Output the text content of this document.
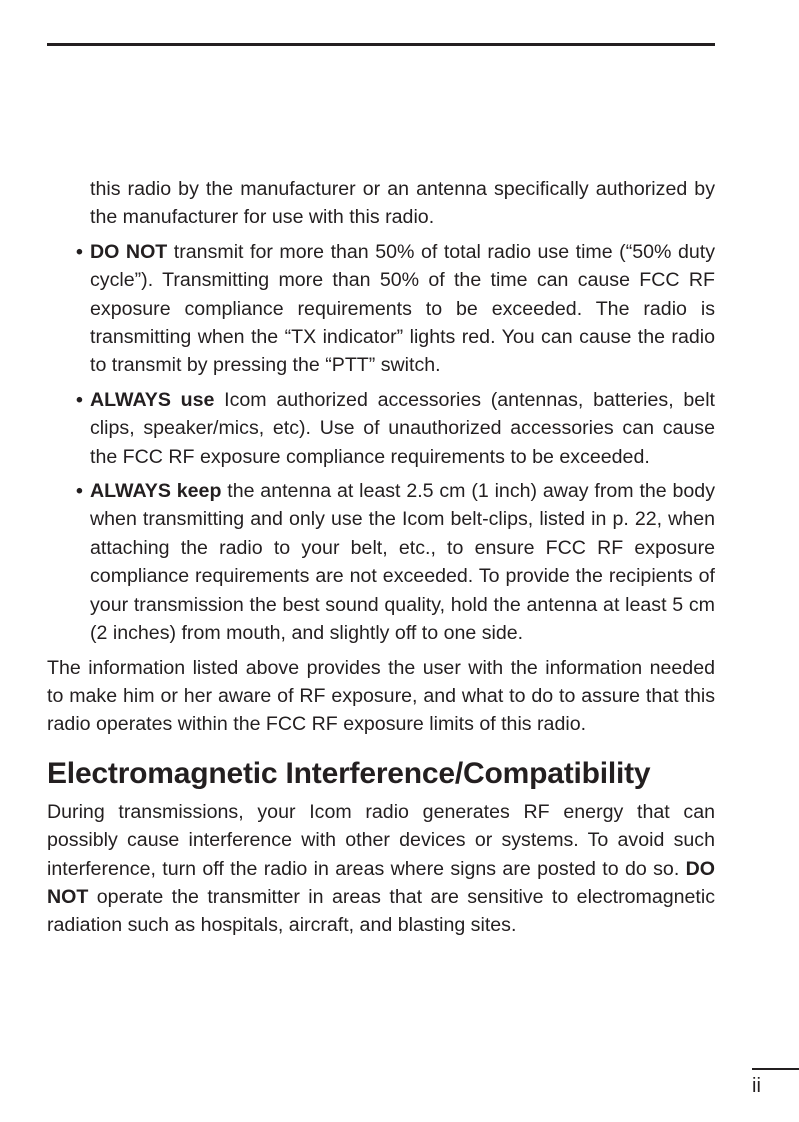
this radio by the manufacturer or an antenna specifically authorized by the manufacturer for use with this radio.

• DO NOT transmit for more than 50% of total radio use time (“50% duty cycle”). Transmitting more than 50% of the time can cause FCC RF exposure compliance requirements to be exceeded. The radio is transmitting when the “TX indicator” lights red. You can cause the radio to transmit by pressing the “PTT” switch.

• ALWAYS use Icom authorized accessories (antennas, batteries, belt clips, speaker/mics, etc). Use of unauthorized accessories can cause the FCC RF exposure compliance requirements to be exceeded.

• ALWAYS keep the antenna at least 2.5 cm (1 inch) away from the body when transmitting and only use the Icom belt-clips, listed in p. 22, when attaching the radio to your belt, etc., to ensure FCC RF exposure compliance requirements are not exceeded. To provide the recipients of your transmission the best sound quality, hold the antenna at least 5 cm (2 inches) from mouth, and slightly off to one side.

The information listed above provides the user with the information needed to make him or her aware of RF exposure, and what to do to assure that this radio operates within the FCC RF exposure limits of this radio.

Electromagnetic Interference/Compatibility

During transmissions, your Icom radio generates RF energy that can possibly cause interference with other devices or systems. To avoid such interference, turn off the radio in areas where signs are posted to do so. DO NOT operate the transmitter in areas that are sensitive to electromagnetic radiation such as hospitals, aircraft, and blasting sites.

ii
